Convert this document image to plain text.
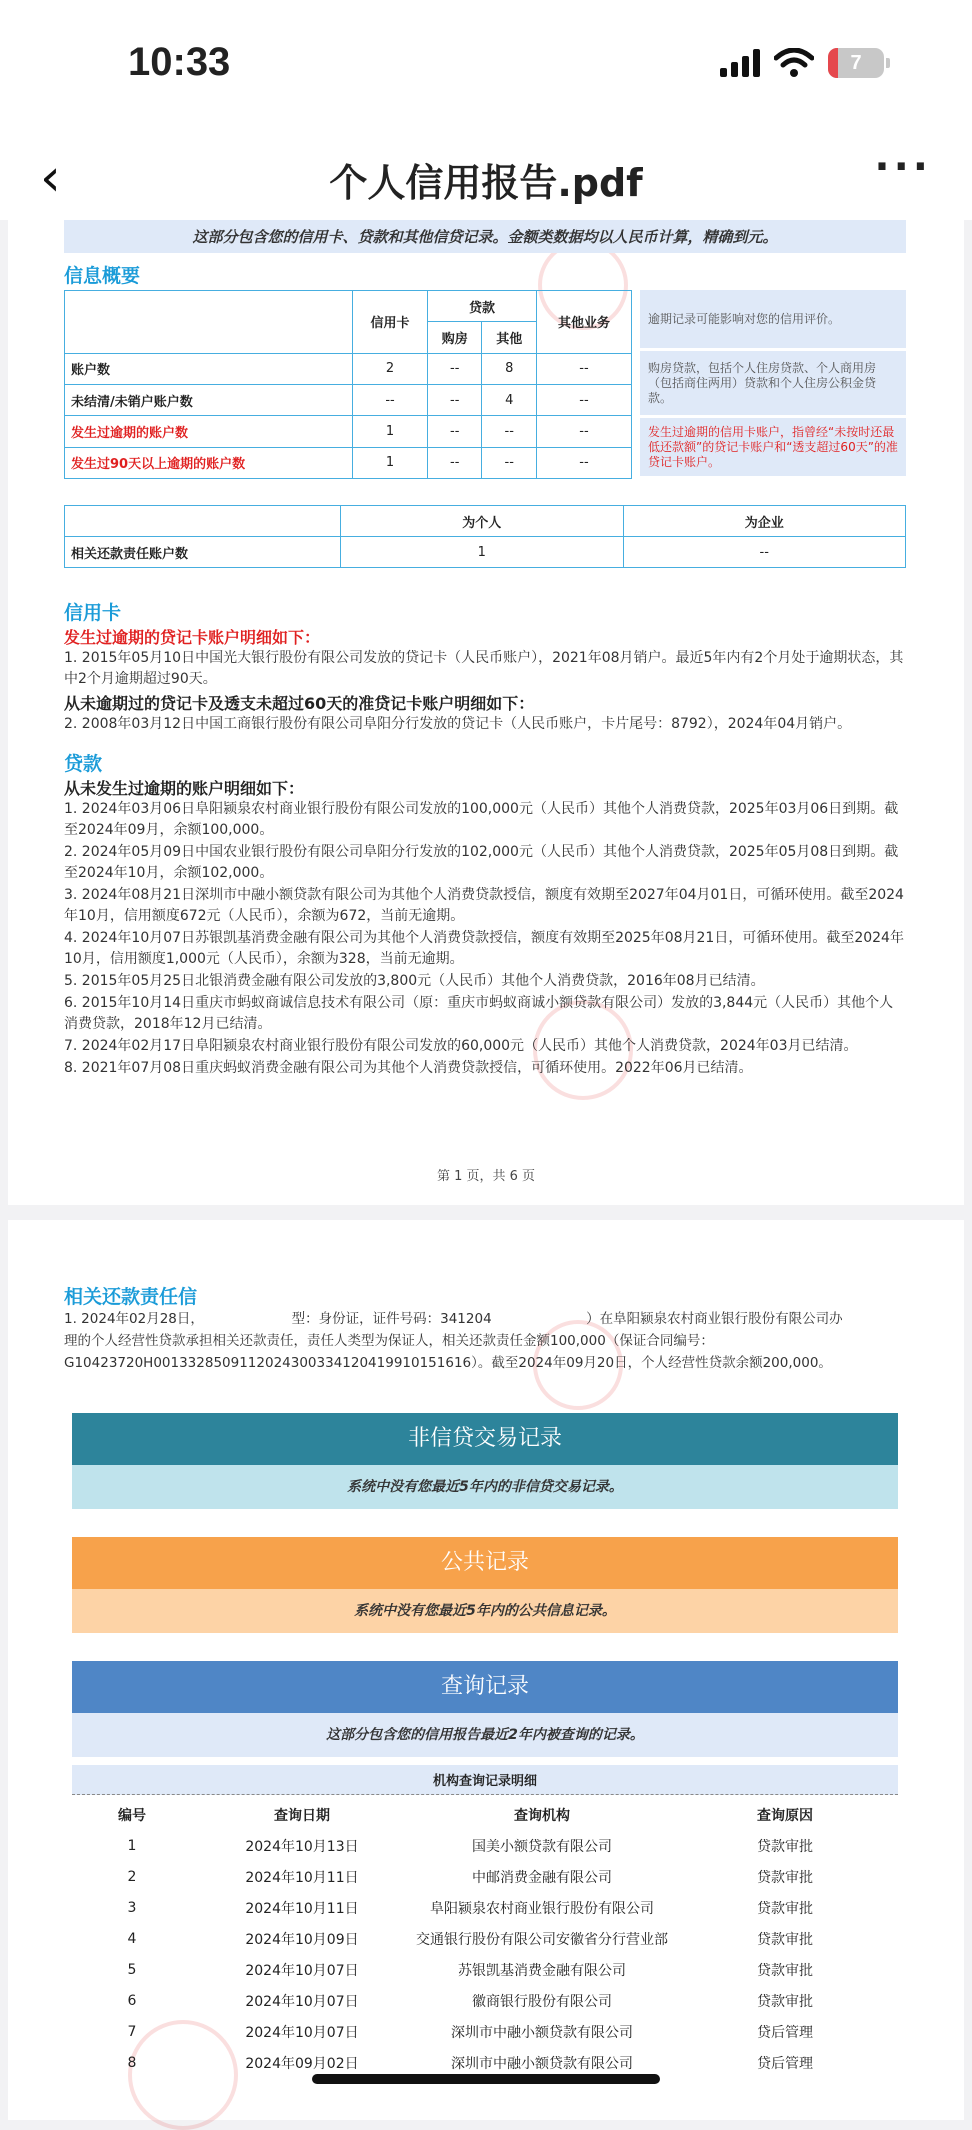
10:33	7
‹	个人信用报告.pdf	···
这部分包含您的信用卡、贷款和其他信贷记录。金额类数据均以人民币计算，精确到元。
信息概要
	信用卡	贷款		其他业务
		购房	其他	
账户数	2	--	8	--
未结清/未销户账户数	--	--	4	--
发生过逾期的账户数	1	--	--	--
发生过90天以上逾期的账户数	1	--	--	--
逾期记录可能影响对您的信用评价。
购房贷款，包括个人住房贷款、个人商用房（包括商住两用）贷款和个人住房公积金贷款。
发生过逾期的信用卡账户，指曾经“未按时还最低还款额”的贷记卡账户和“透支超过60天”的准贷记卡账户。
	为个人	为企业
相关还款责任账户数	1	--
信用卡
发生过逾期的贷记卡账户明细如下：
1. 2015年05月10日中国光大银行股份有限公司发放的贷记卡（人民币账户），2021年08月销户。最近5年内有2个月处于逾期状态，其中2个月逾期超过90天。
从未逾期过的贷记卡及透支未超过60天的准贷记卡账户明细如下：
2. 2008年03月12日中国工商银行股份有限公司阜阳分行发放的贷记卡（人民币账户，卡片尾号：8792），2024年04月销户。
贷款
从未发生过逾期的账户明细如下：
1. 2024年03月06日阜阳颍泉农村商业银行股份有限公司发放的100,000元（人民币）其他个人消费贷款，2025年03月06日到期。截至2024年09月，余额100,000。
2. 2024年05月09日中国农业银行股份有限公司阜阳分行发放的102,000元（人民币）其他个人消费贷款，2025年05月08日到期。截至2024年10月，余额102,000。
3. 2024年08月21日深圳市中融小额贷款有限公司为其他个人消费贷款授信，额度有效期至2027年04月01日，可循环使用。截至2024年10月，信用额度672元（人民币），余额为672，当前无逾期。
4. 2024年10月07日苏银凯基消费金融有限公司为其他个人消费贷款授信，额度有效期至2025年08月21日，可循环使用。截至2024年10月，信用额度1,000元（人民币），余额为328，当前无逾期。
5. 2015年05月25日北银消费金融有限公司发放的3,800元（人民币）其他个人消费贷款，2016年08月已结清。
6. 2015年10月14日重庆市蚂蚁商诚信息技术有限公司（原：重庆市蚂蚁商诚小额贷款有限公司）发放的3,844元（人民币）其他个人消费贷款，2018年12月已结清。
7. 2024年02月17日阜阳颍泉农村商业银行股份有限公司发放的60,000元（人民币）其他个人消费贷款，2024年03月已结清。
8. 2021年07月08日重庆蚂蚁消费金融有限公司为其他个人消费贷款授信，可循环使用。2022年06月已结清。
第 1 页，共 6 页
相关还款责任信
1. 2024年02月28日，　　　　　　　型：身份证，证件号码：341204　　　　　　　）在阜阳颍泉农村商业银行股份有限公司办
理的个人经营性贷款承担相关还款责任，责任人类型为保证人，相关还款责任金额100,000（保证合同编号：
G10423720H0013328509112024300334120419910151616）。截至2024年09月20日，个人经营性贷款余额200,000。
非信贷交易记录
系统中没有您最近5年内的非信贷交易记录。
公共记录
系统中没有您最近5年内的公共信息记录。
查询记录
这部分包含您的信用报告最近2年内被查询的记录。
机构查询记录明细
编号	查询日期	查询机构	查询原因
1	2024年10月13日	国美小额贷款有限公司	贷款审批
2	2024年10月11日	中邮消费金融有限公司	贷款审批
3	2024年10月11日	阜阳颍泉农村商业银行股份有限公司	贷款审批
4	2024年10月09日	交通银行股份有限公司安徽省分行营业部	贷款审批
5	2024年10月07日	苏银凯基消费金融有限公司	贷款审批
6	2024年10月07日	徽商银行股份有限公司	贷款审批
7	2024年10月07日	深圳市中融小额贷款有限公司	贷后管理
8	2024年09月02日	深圳市中融小额贷款有限公司	贷后管理
